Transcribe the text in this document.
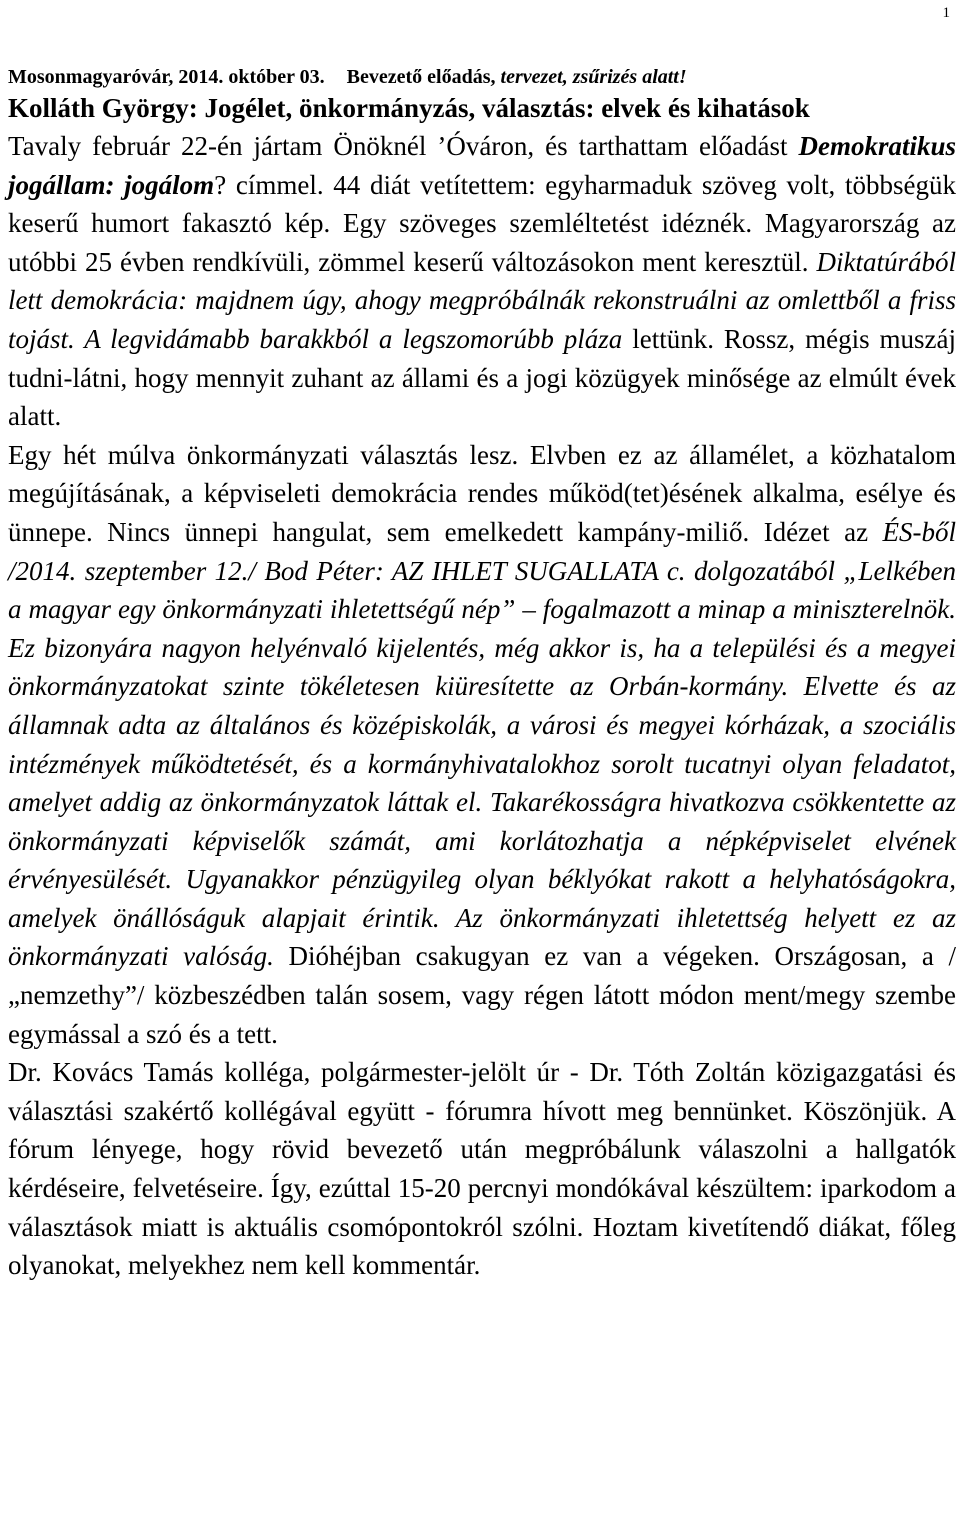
1
Mosonmagyaróvár, 2014. október 03. Bevezető előadás, tervezet, zsűrizés alatt!
Kolláth György: Jogélet, önkormányzás, választás: elvek és kihatások

Tavaly február 22-én jártam Önöknél ’Óváron, és tarthattam előadást Demokratikus jogállam: jogálom? címmel. 44 diát vetítettem: egyharmaduk szöveg volt, többségük keserű humort fakasztó kép. Egy szöveges szemléltetést idéznék. Magyarország az utóbbi 25 évben rendkívüli, zömmel keserű változásokon ment keresztül. Diktatúrából lett demokrácia: majdnem úgy, ahogy megpróbálnák rekonstruálni az omlettből a friss tojást. A legvidámabb barakkból a legszomorúbb pláza lettünk. Rossz, mégis muszáj tudni-látni, hogy mennyit zuhant az állami és a jogi közügyek minősége az elmúlt évek alatt.

Egy hét múlva önkormányzati választás lesz. Elvben ez az államélet, a közhatalom megújításának, a képviseleti demokrácia rendes működ(tet)ésének alkalma, esélye és ünnepe. Nincs ünnepi hangulat, sem emelkedett kampány-miliő. Idézet az ÉS-ből /2014. szeptember 12./ Bod Péter: AZ IHLET SUGALLATA c. dolgozatából „Lelkében a magyar egy önkormányzati ihletettségű nép” – fogalmazott a minap a miniszterelnök. Ez bizonyára nagyon helyénvaló kijelentés, még akkor is, ha a települési és a megyei önkormányzatokat szinte tökéletesen kiüresítette az Orbán-kormány. Elvette és az államnak adta az általános és középiskolák, a városi és megyei kórházak, a szociális intézmények működtetését, és a kormányhivatalokhoz sorolt tucatnyi olyan feladatot, amelyet addig az önkormányzatok láttak el. Takarékosságra hivatkozva csökkentette az önkormányzati képviselők számát, ami korlátozhatja a népképviselet elvének érvényesülését. Ugyanakkor pénzügyileg olyan béklyókat rakott a helyhatóságokra, amelyek önállóságuk alapjait érintik. Az önkormányzati ihletettség helyett ez az önkormányzati valóság. Dióhéjban csakugyan ez van a végeken. Országosan, a /„nemzethy”/ közbeszédben talán sosem, vagy régen látott módon ment/megy szembe egymással a szó és a tett.

Dr. Kovács Tamás kolléga, polgármester-jelölt úr - Dr. Tóth Zoltán közigazgatási és választási szakértő kollégával együtt - fórumra hívott meg bennünket. Köszönjük. A fórum lényege, hogy rövid bevezető után megpróbálunk válaszolni a hallgatók kérdéseire, felvetéseire. Így, ezúttal 15-20 percnyi mondókával készültem: iparkodom a választások miatt is aktuális csomópontokról szólni. Hoztam kivetítendő diákat, főleg olyanokat, melyekhez nem kell kommentár.
